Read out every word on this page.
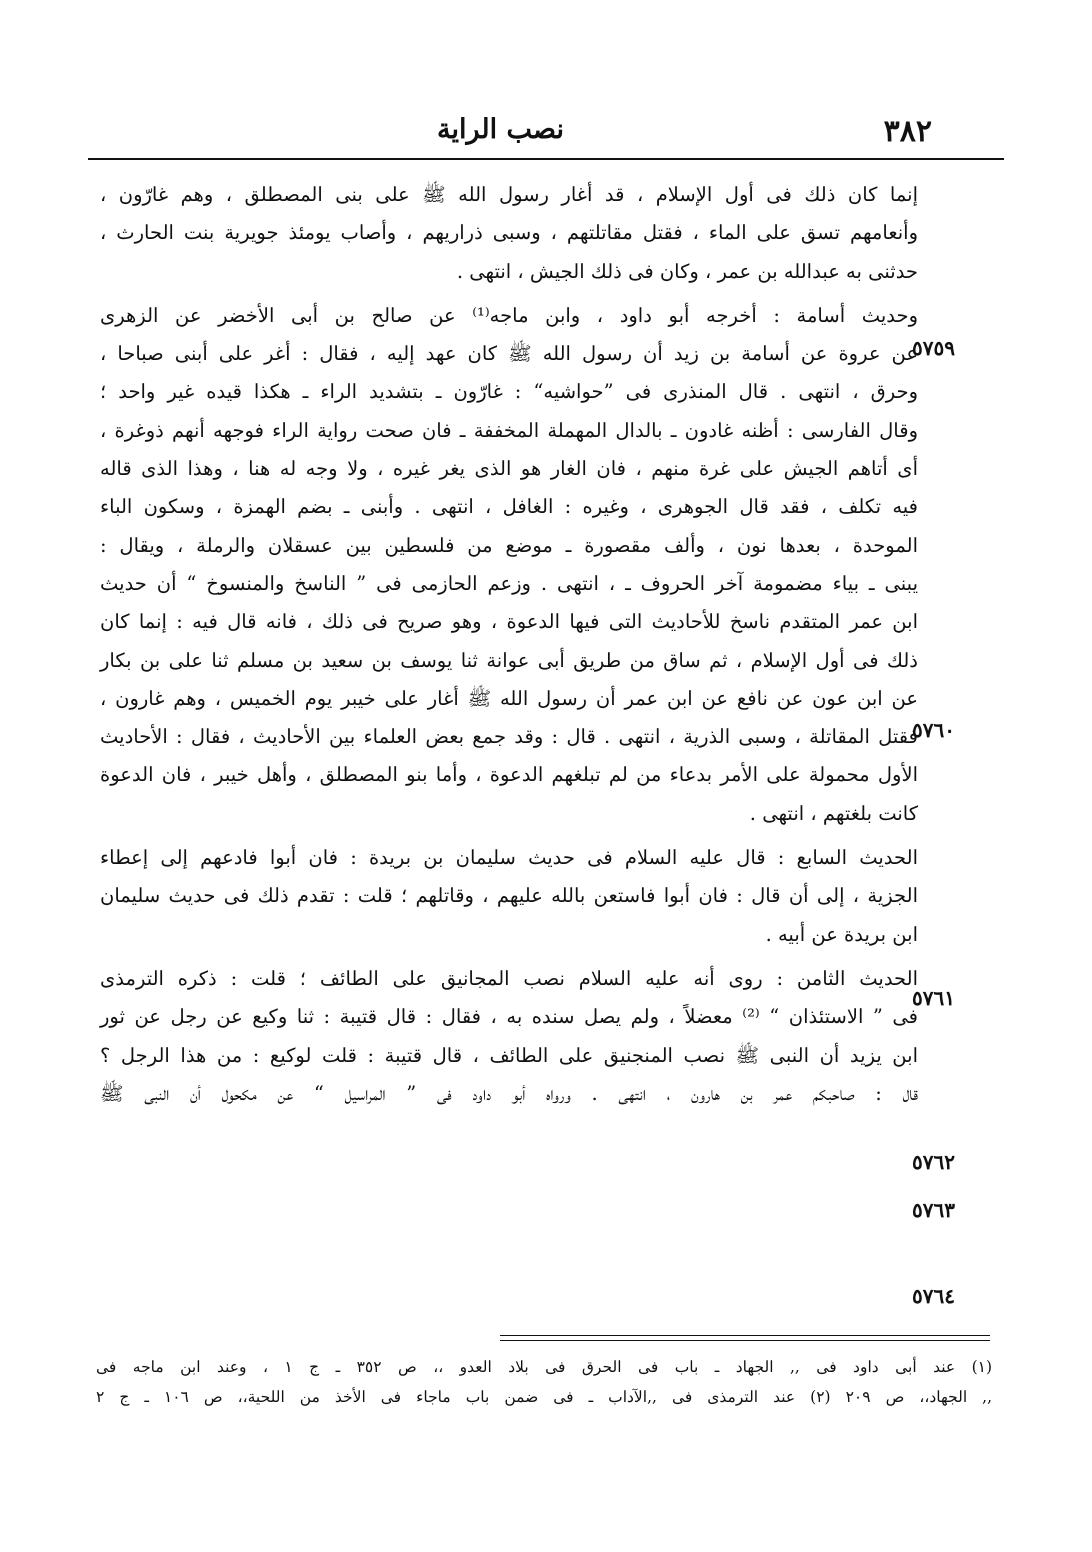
٣٨٢
نصب الراية
٥٧٥٩
٥٧٦٠
٥٧٦١
٥٧٦٢
٥٧٦٣
٥٧٦٤
إنما كان ذلك فى أول الإسلام ، قد أغار رسول الله ﷺ على بنى المصطلق ، وهم غارّون ،
وأنعامهم تسق على الماء ، فقتل مقاتلتهم ، وسبى ذراريهم ، وأصاب يومئذ جويرية بنت الحارث ،
حدثنى به عبدالله بن عمر ، وكان فى ذلك الجيش ، انتهى .
وحديث أسامة : أخرجه أبو داود ، وابن ماجه⁽¹⁾ عن صالح بن أبى الأخضر عن الزهرى
عن عروة عن أسامة بن زيد أن رسول الله ﷺ كان عهد إليه ، فقال : أغر على أبنى صباحا ،
وحرق ، انتهى . قال المنذرى فى ”حواشيه“ : غارّون ـ بتشديد الراء ـ هكذا قيده غير واحد ؛
وقال الفارسى : أظنه غادون ـ بالدال المهملة المخففة ـ فان صحت رواية الراء فوجهه أنهم ذوغرة ،
أى أتاهم الجيش على غرة منهم ، فان الغار هو الذى يغر غيره ، ولا وجه له هنا ، وهذا الذى قاله
فيه تكلف ، فقد قال الجوهرى ، وغيره : الغافل ، انتهى . وأبنى ـ بضم الهمزة ، وسكون الباء
الموحدة ، بعدها نون ، وألف مقصورة ـ موضع من فلسطين بين عسقلان والرملة ، ويقال :
يبنى ـ بياء مضمومة آخر الحروف ـ ، انتهى . وزعم الحازمى فى ” الناسخ والمنسوخ “ أن حديث
ابن عمر المتقدم ناسخ للأحاديث التى فيها الدعوة ، وهو صريح فى ذلك ، فانه قال فيه : إنما كان
ذلك فى أول الإسلام ، ثم ساق من طريق أبى عوانة ثنا يوسف بن سعيد بن مسلم ثنا على بن بكار
عن ابن عون عن نافع عن ابن عمر أن رسول الله ﷺ أغار على خيبر يوم الخميس ، وهم غارون ،
فقتل المقاتلة ، وسبى الذرية ، انتهى . قال : وقد جمع بعض العلماء بين الأحاديث ، فقال : الأحاديث
الأول محمولة على الأمر بدعاء من لم تبلغهم الدعوة ، وأما بنو المصطلق ، وأهل خيبر ، فان الدعوة
كانت بلغتهم ، انتهى .
الحديث السابع : قال عليه السلام فى حديث سليمان بن بريدة : فان أبوا فادعهم إلى إعطاء
الجزية ، إلى أن قال : فان أبوا فاستعن بالله عليهم ، وقاتلهم ؛ قلت : تقدم ذلك فى حديث سليمان
ابن بريدة عن أبيه .
الحديث الثامن : روى أنه عليه السلام نصب المجانيق على الطائف ؛ قلت : ذكره الترمذى
فى ” الاستئذان “ ⁽²⁾ معضلاً ، ولم يصل سنده به ، فقال : قال قتيبة : ثنا وكيع عن رجل عن ثور
ابن يزيد أن النبى ﷺ نصب المنجنيق على الطائف ، قال قتيبة : قلت لوكيع : من هذا الرجل ؟
قال : صاحبكم عمر بن هارون ، انتهى . ورواه أبو داود فى ” المراسيل “ عن مكحول أن النبى ﷺ
(١) عند أبى داود فى ,, الجهاد ـ باب فى الحرق فى بلاد العدو ،، ص ٣٥٢ ـ ج ١ ، وعند ابن ماجه فى
,, الجهاد،، ص ٢٠٩ (٢) عند الترمذى فى ,,الآداب ـ فى ضمن باب ماجاء فى الأخذ من اللحية،، ص ١٠٦ ـ ج ٢
